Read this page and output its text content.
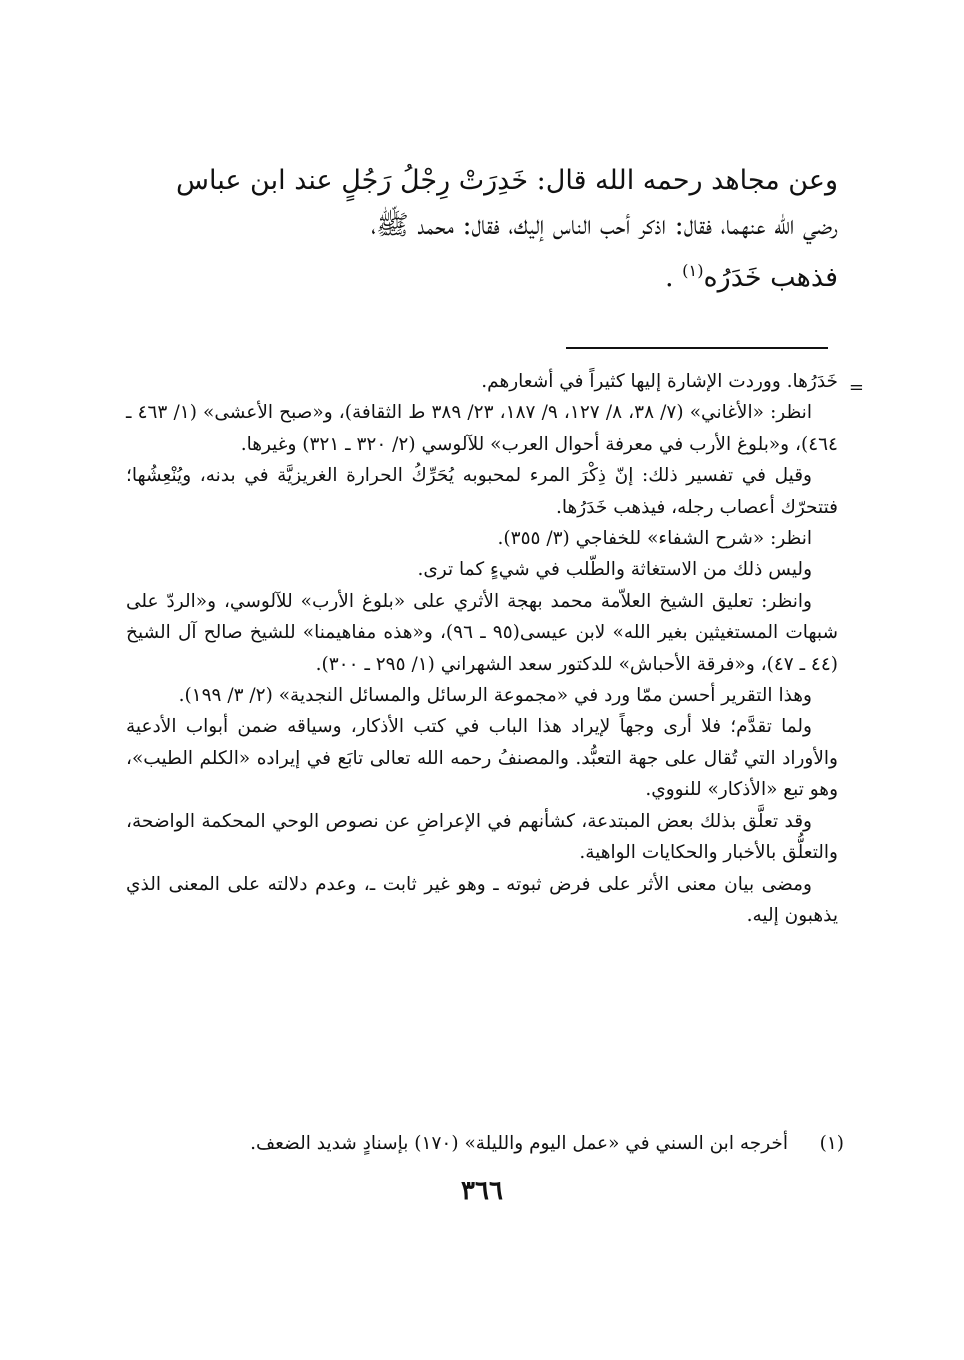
وعن مجاهد رحمه الله قال: خَدِرَتْ رِجْلُ رَجُلٍ عند ابن عباس

رضي الله عنهما، فقال: اذكر أحب الناس إليك، فقال: محمد ﷺ،

فذهب خَدَرُه$^{(١)}$ .

=

خَدَرُها. ووردت الإشارة إليها كثيراً في أشعارهم.

انظر: «الأغاني» (٧/ ٣٨، ٨/ ١٢٧، ٩/ ١٨٧، ٢٣/ ٣٨٩ ط الثقافة)، و«صبح الأعشى» (١/ ٤٦٣ ـ ٤٦٤)، و«بلوغ الأرب في معرفة أحوال العرب» للآلوسي (٢/ ٣٢٠ ـ ٣٢١) وغيرها.

وقيل في تفسير ذلك: إنّ ذِكْرَ المرء لمحبوبه يُحَرِّكُ الحرارة الغريزيَّة في بدنه، ويُنْعِشُها؛ فتتحرّك أعصاب رجله، فيذهب خَدَرُها.

انظر: «شرح الشفاء» للخفاجي (٣/ ٣٥٥).

وليس ذلك من الاستغاثة والطّلب في شيءٍ كما ترى.

وانظر: تعليق الشيخ العلاّمة محمد بهجة الأثري على «بلوغ الأرب» للآلوسي، و«الردّ على شبهات المستغيثين بغير الله» لابن عيسى(٩٥ ـ ٩٦)، و«هذه مفاهيمنا» للشيخ صالح آل الشيخ (٤٤ ـ ٤٧)، و«فرقة الأحباش» للدكتور سعد الشهراني (١/ ٢٩٥ ـ ٣٠٠).

وهذا التقرير أحسن ممّا ورد في «مجموعة الرسائل والمسائل النجدية» (٢/ ٣/ ١٩٩).

ولما تقدَّم؛ فلا أرى وجهاً لإيراد هذا الباب في كتب الأذكار، وسياقه ضمن أبواب الأدعية والأوراد التي تُقال على جهة التعبُّد. والمصنفُ رحمه الله تعالى تابَع في إيراده «الكلم الطيب»، وهو تبع «الأذكار» للنووي.

وقد تعلَّق بذلك بعض المبتدعة، كشأنهم في الإعراضِ عن نصوص الوحي المحكمة الواضحة، والتعلُّق بالأخبار والحكايات الواهية.

ومضى بيان معنى الأثر على فرض ثبوته ـ وهو غير ثابت ـ، وعدم دلالته على المعنى الذي يذهبون إليه.

(١)
أخرجه ابن السني في «عمل اليوم والليلة» (١٧٠) بإسنادٍ شديد الضعف.
٣٦٦
